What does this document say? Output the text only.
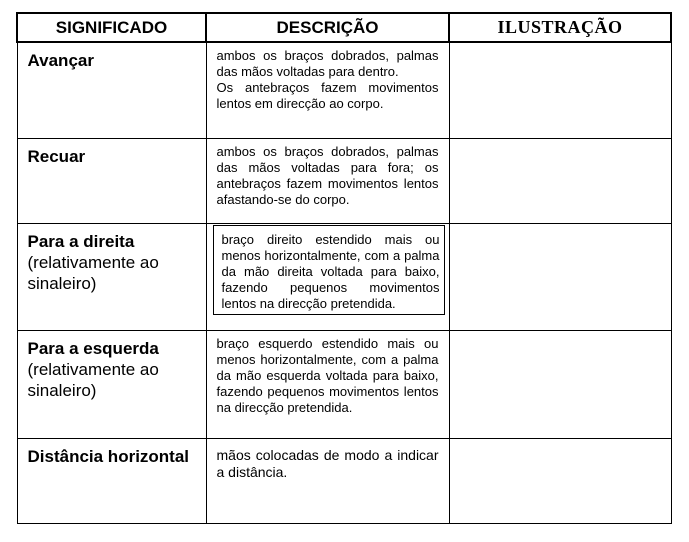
SIGNIFICADO	DESCRIÇÃO	ILUSTRAÇÃO

Avançar	ambos os braços dobrados, palmas das mãos voltadas para dentro.
Os antebraços fazem movimentos lentos em direcção ao corpo.	

Recuar	ambos os braços dobrados, palmas das mãos voltadas para fora; os antebraços fazem movimentos lentos afastando-se do corpo.	

Para a direita
(relativamente ao sinaleiro)	braço direito estendido mais ou menos horizontalmente, com a palma da mão direita voltada para baixo, fazendo pequenos movimentos lentos na direcção pretendida.	

Para a esquerda
(relativamente ao sinaleiro)	braço esquerdo estendido mais ou menos horizontalmente, com a palma da mão esquerda voltada para baixo, fazendo pequenos movimentos lentos na direcção pretendida.	

Distância horizontal	mãos colocadas de modo a indicar a distância.	
